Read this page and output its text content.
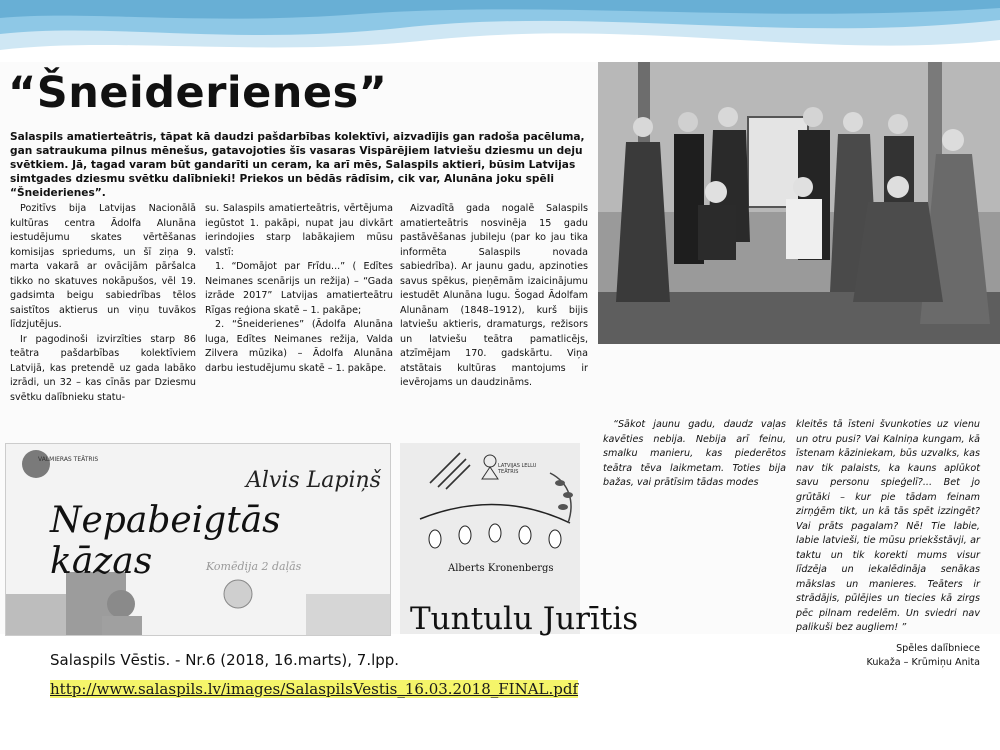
“Šneiderienes”
Salaspils amatierteātris, tāpat kā daudzi pašdarbības kolektīvi, aizvadījis gan radoša pacēluma, gan satraukuma pilnus mēnešus, gatavojoties šīs vasaras Vispārējiem latviešu dziesmu un deju svētkiem. Jā, tagad varam būt gandarīti un ceram, ka arī mēs, Salaspils aktieri, būsim Latvijas simtgades dziesmu svētku dalībnieki! Priekos un bēdās rādīsim, cik var, Alunāna joku spēli “Šneiderienes”.

Pozitīvs bija Latvijas Nacionālā kultūras centra Ādolfa Alunāna iestudējumu skates vērtēšanas komisijas spriedums, un šī ziņa 9. marta vakarā ar ovācijām pāršalca tikko no skatuves nokāpušos, vēl 19. gadsimta beigu sabiedrības tēlos saistītos aktierus un viņu tuvākos līdzjutējus.

Ir pagodinoši izvirzīties starp 86 teātra pašdarbības kolektīviem Latvijā, kas pretendē uz gada labāko izrādi, un 32 – kas cīnās par Dziesmu svētku dalībnieku statu-

su. Salaspils amatierteātris, vērtējuma iegūstot 1. pakāpi, nupat jau divkārt ierindojies starp labākajiem mūsu valstī:

1. “Domājot par Frīdu...” ( Edītes Neimanes scenārijs un režija) – “Gada izrāde 2017” Latvijas amatierteātru Rīgas reģiona skatē – 1. pakāpe;

2. “Šneiderienes” (Ādolfa Alunāna luga, Edītes Neimanes režija, Valda Zilvera mūzika) – Ādolfa Alunāna darbu iestudējumu skatē – 1. pakāpe.

Aizvadītā gada nogalē Salaspils amatierteātris nosvinēja 15 gadu pastāvēšanas jubileju (par ko jau tika informēta Salaspils novada sabiedrība). Ar jaunu gadu, apzinoties savus spēkus, pieņēmām izaicinājumu iestudēt Alunāna lugu. Šogad Ādolfam Alunānam (1848–1912), kurš bijis latviešu aktieris, dramaturgs, režisors un latviešu teātra pamatlicējs, atzīmējam 170. gadskārtu. Viņa atstātais kultūras mantojums ir ievērojams un daudzināms.

“Sākot jaunu gadu, daudz vaļas kavēties nebija. Nebija arī feinu, smalku manieru, kas piederētos teātra tēva laikmetam. Toties bija bažas, vai prātīsim tādas modes

kleitēs tā īsteni švunkoties uz vienu un otru pusi? Vai Kalniņa kungam, kā īstenam kāziniekam, būs uzvalks, kas nav tik palaists, ka kauns aplūkot savu personu spieģelī?... Bet jo grūtāki – kur pie tādam feinam zirņģēm tikt, un kā tās spēt izzingēt? Vai prāts pagalam? Nē! Tie labie, labie latvieši, tie mūsu priekšstāvji, ar taktu un tik korekti mums visur līdzēja un iekalēdināja senākas mākslas un manieres. Teāters ir strādājis, pūlējies un tiecies kā zirgs pēc pilnam redelēm. Un sviedri nav palikuši bez augliem! ”

Spēles dalībniece
Kukaža – Krūmiņu Anita
VALMIERAS TEĀTRIS
Alvis Lapiņš
Nepabeigtās kāzas	Komēdija 2 daļās
LATVIJAS LELLU TEĀTRIS
Alberts Kronenbergs
Tuntulu Jurītis
Salaspils Vēstis. - Nr.6 (2018, 16.marts), 7.lpp.
http://www.salaspils.lv/images/SalaspilsVestis_16.03.2018_FINAL.pdf
